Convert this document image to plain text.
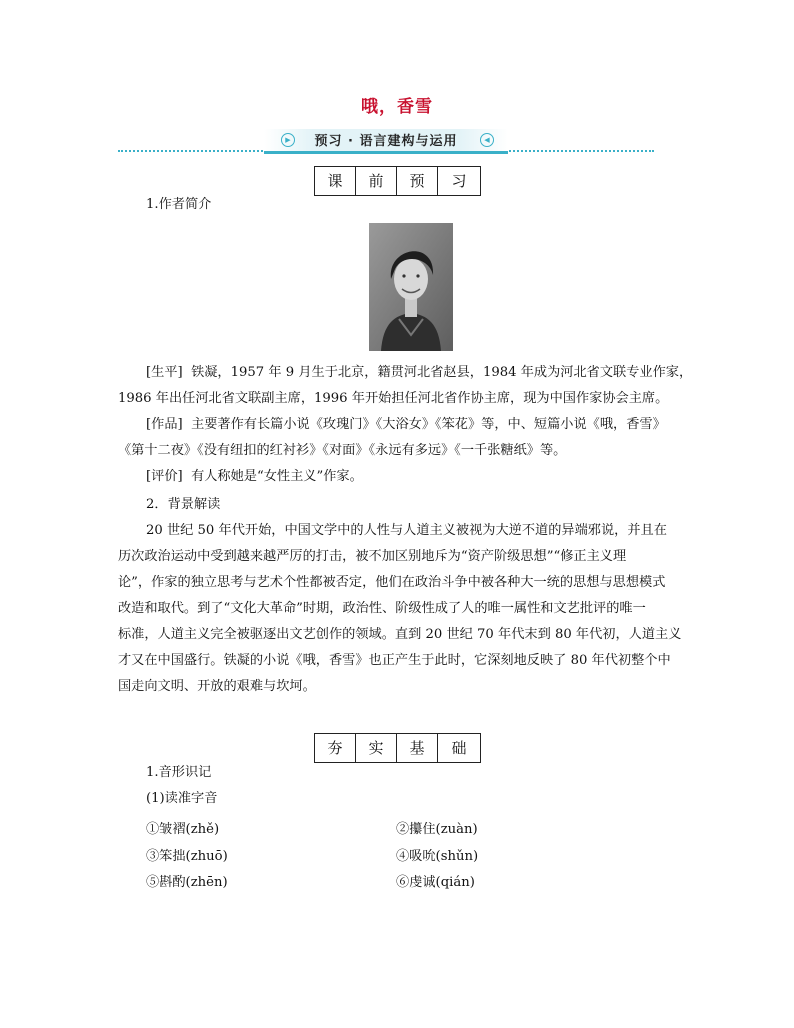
哦，香雪
▶	预习 · 语言建构与运用	◀
课	前	预	习
1.作者简介
[生平] 铁凝，1957 年 9 月生于北京，籍贯河北省赵县，1984 年成为河北省文联专业作家，
1986 年出任河北省文联副主席，1996 年开始担任河北省作协主席，现为中国作家协会主席。
[作品] 主要著作有长篇小说《玫瑰门》《大浴女》《笨花》等，中、短篇小说《哦，香雪》
《第十二夜》《没有纽扣的红衬衫》《对面》《永远有多远》《一千张糖纸》等。
[评价] 有人称她是“女性主义”作家。
2．背景解读
20 世纪 50 年代开始，中国文学中的人性与人道主义被视为大逆不道的异端邪说，并且在
历次政治运动中受到越来越严厉的打击，被不加区别地斥为“资产阶级思想”“修正主义理
论”，作家的独立思考与艺术个性都被否定，他们在政治斗争中被各种大一统的思想与思想模式
改造和取代。到了“文化大革命”时期，政治性、阶级性成了人的唯一属性和文艺批评的唯一
标准，人道主义完全被驱逐出文艺创作的领域。直到 20 世纪 70 年代末到 80 年代初，人道主义
才又在中国盛行。铁凝的小说《哦，香雪》也正产生于此时，它深刻地反映了 80 年代初整个中
国走向文明、开放的艰难与坎坷。
夯	实	基	础
1.音形识记
(1)读准字音
①皱褶(zhě)	②攥住(zuàn)
③笨拙(zhuō)	④吸吮(shǔn)
⑤斟酌(zhēn)	⑥虔诚(qián)
